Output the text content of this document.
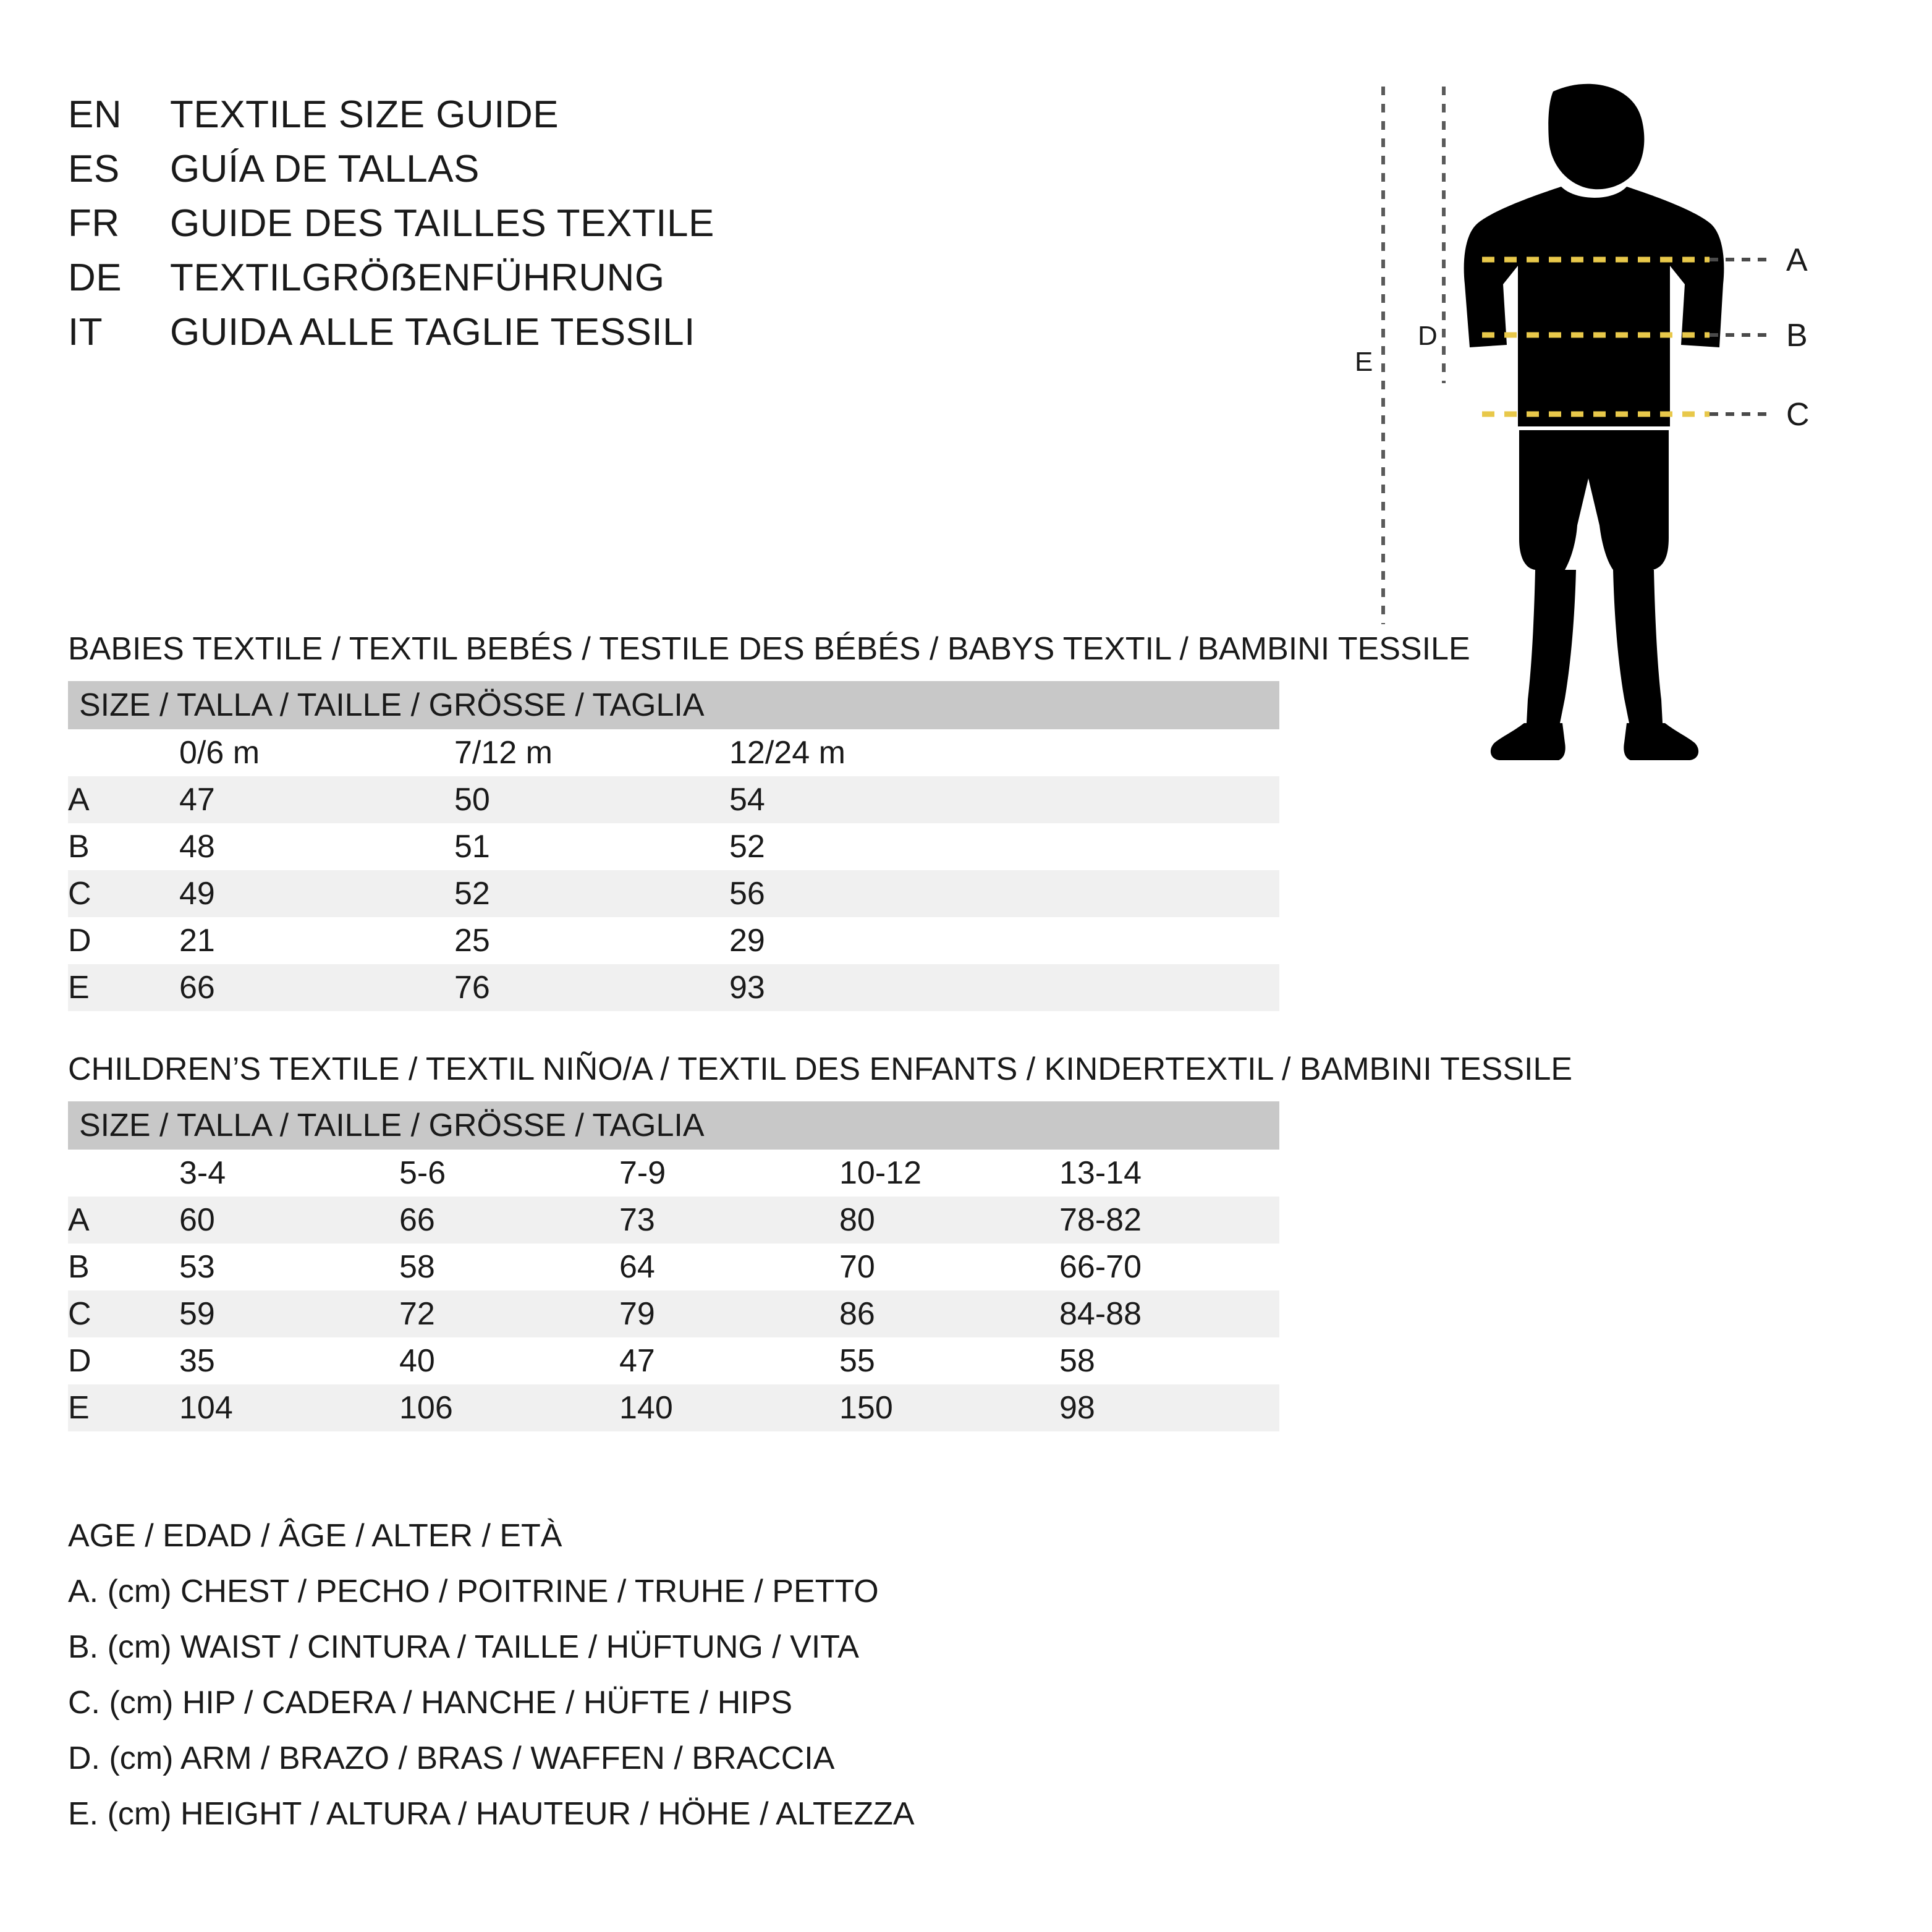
EN	TEXTILE SIZE GUIDE
ES	GUÍA DE TALLAS
FR	GUIDE DES TAILLES TEXTILE
DE	TEXTILGRÖẞENFÜHRUNG
IT	GUIDA ALLE TAGLIE TESSILI
A
B
C
D
E
BABIES TEXTILE / TEXTIL BEBÉS / TESTILE DES BÉBÉS / BABYS TEXTIL / BAMBINI TESSILE
SIZE / TALLA / TAILLE / GRÖSSE / TAGLIA				
	0/6 m	7/12 m	12/24 m	
A	47	50	54	
B	48	51	52	
C	49	52	56	
D	21	25	29	
E	66	76	93	
CHILDREN’S TEXTILE / TEXTIL NIÑO/A / TEXTIL DES ENFANTS / KINDERTEXTIL / BAMBINI TESSILE
SIZE / TALLA / TAILLE / GRÖSSE / TAGLIA					
	3-4	5-6	7-9	10-12	13-14
A	60	66	73	80	78-82
B	53	58	64	70	66-70
C	59	72	79	86	84-88
D	35	40	47	55	58
E	104	106	140	150	98
AGE / EDAD / ÂGE / ALTER / ETÀ
A. (cm) CHEST / PECHO / POITRINE / TRUHE / PETTO
B. (cm) WAIST / CINTURA / TAILLE / HÜFTUNG / VITA
C. (cm) HIP / CADERA / HANCHE / HÜFTE / HIPS
D. (cm) ARM / BRAZO / BRAS / WAFFEN / BRACCIA
E. (cm) HEIGHT / ALTURA / HAUTEUR / HÖHE / ALTEZZA
